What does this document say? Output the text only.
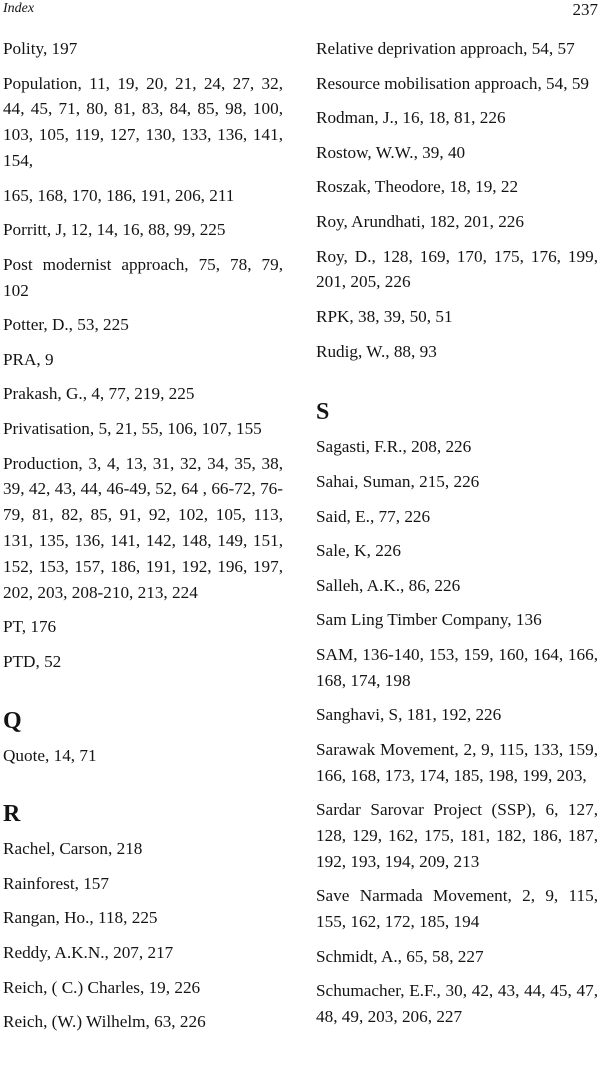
Index	237
Polity, 197
Population, 11, 19, 20, 21, 24, 27, 32, 44, 45, 71, 80, 81, 83, 84, 85, 98, 100, 103, 105, 119, 127, 130, 133, 136, 141, 154,
165, 168, 170, 186, 191, 206, 211
Porritt, J, 12, 14, 16, 88, 99, 225
Post modernist approach, 75, 78, 79, 102
Potter, D., 53, 225
PRA, 9
Prakash, G., 4, 77, 219, 225
Privatisation, 5, 21, 55, 106, 107, 155
Production, 3, 4, 13, 31, 32, 34, 35, 38, 39, 42, 43, 44, 46-49, 52, 64 , 66-72, 76-79, 81, 82, 85, 91, 92, 102, 105, 113, 131, 135, 136, 141, 142, 148, 149, 151, 152, 153, 157, 186, 191, 192, 196, 197, 202, 203, 208-210, 213, 224
PT, 176
PTD, 52
Q
Quote, 14, 71
R
Rachel, Carson, 218
Rainforest, 157
Rangan, Ho., 118, 225
Reddy, A.K.N., 207, 217
Reich, ( C.) Charles, 19, 226
Reich, (W.) Wilhelm, 63, 226
Relative deprivation approach, 54, 57
Resource mobilisation approach, 54, 59
Rodman, J., 16, 18, 81, 226
Rostow, W.W., 39, 40
Roszak, Theodore, 18, 19, 22
Roy, Arundhati, 182, 201, 226
Roy, D., 128, 169, 170, 175, 176, 199, 201, 205, 226
RPK, 38, 39, 50, 51
Rudig, W., 88, 93
S
Sagasti, F.R., 208, 226
Sahai, Suman, 215, 226
Said, E., 77, 226
Sale, K, 226
Salleh, A.K., 86, 226
Sam Ling Timber Company, 136
SAM, 136-140, 153, 159, 160, 164, 166, 168, 174, 198
Sanghavi, S, 181, 192, 226
Sarawak Movement, 2, 9, 115, 133, 159, 166, 168, 173, 174, 185, 198, 199, 203,
Sardar Sarovar Project (SSP), 6, 127, 128, 129, 162, 175, 181, 182, 186, 187, 192, 193, 194, 209, 213
Save Narmada Movement, 2, 9, 115, 155, 162, 172, 185, 194
Schmidt, A., 65, 58, 227
Schumacher, E.F., 30, 42, 43, 44, 45, 47, 48, 49, 203, 206, 227
